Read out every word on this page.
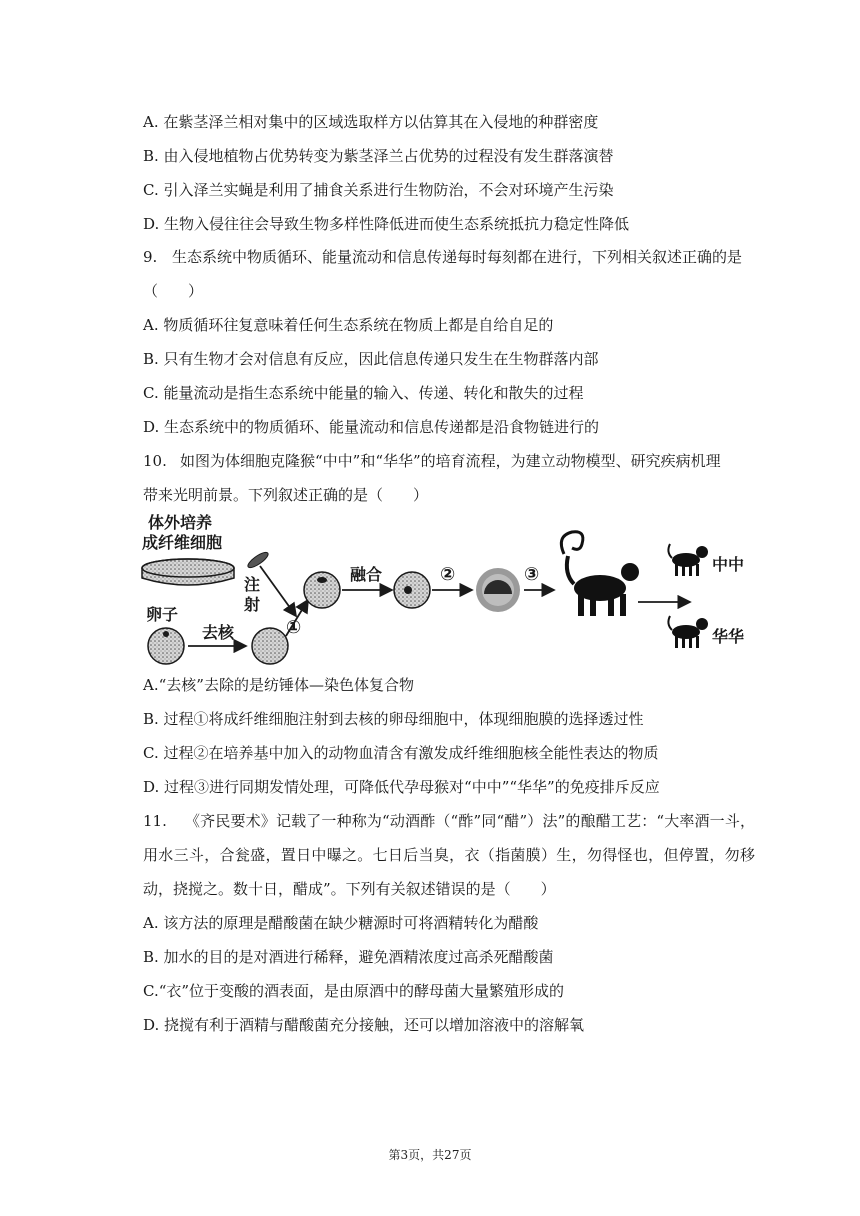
A. 在紫茎泽兰相对集中的区域选取样方以估算其在入侵地的种群密度
B. 由入侵地植物占优势转变为紫茎泽兰占优势的过程没有发生群落演替
C. 引入泽兰实蝇是利用了捕食关系进行生物防治，不会对环境产生污染
D. 生物入侵往往会导致生物多样性降低进而使生态系统抵抗力稳定性降低
9. 生态系统中物质循环、能量流动和信息传递每时每刻都在进行，下列相关叙述正确的是
（　　）
A. 物质循环往复意味着任何生态系统在物质上都是自给自足的
B. 只有生物才会对信息有反应，因此信息传递只发生在生物群落内部
C. 能量流动是指生态系统中能量的输入、传递、转化和散失的过程
D. 生态系统中的物质循环、能量流动和信息传递都是沿食物链进行的
10. 如图为体细胞克隆猴“中中”和“华华”的培育流程，为建立动物模型、研究疾病机理
带来光明前景。下列叙述正确的是（　　）
体外培养
成纤维细胞
注
射
卵子
去核	①
融合	②	③	中中
华华
A.“去核”去除的是纺锤体—染色体复合物
B. 过程①将成纤维细胞注射到去核的卵母细胞中，体现细胞膜的选择透过性
C. 过程②在培养基中加入的动物血清含有激发成纤维细胞核全能性表达的物质
D. 过程③进行同期发情处理，可降低代孕母猴对“中中”“华华”的免疫排斥反应
11.	《齐民要术》记载了一种称为“动酒酢（“酢”同“醋”）法”的酿醋工艺：“大率酒一斗，用水三斗，合瓮盛，置日中曝之。七日后当臭，衣（指菌膜）生，勿得怪也，但停置，勿移动，挠搅之。数十日，醋成”。下列有关叙述错误的是（　　）
A. 该方法的原理是醋酸菌在缺少糖源时可将酒精转化为醋酸
B. 加水的目的是对酒进行稀释，避免酒精浓度过高杀死醋酸菌
C.“衣”位于变酸的酒表面，是由原酒中的酵母菌大量繁殖形成的
D. 挠搅有利于酒精与醋酸菌充分接触，还可以增加溶液中的溶解氧
第3页，共27页
